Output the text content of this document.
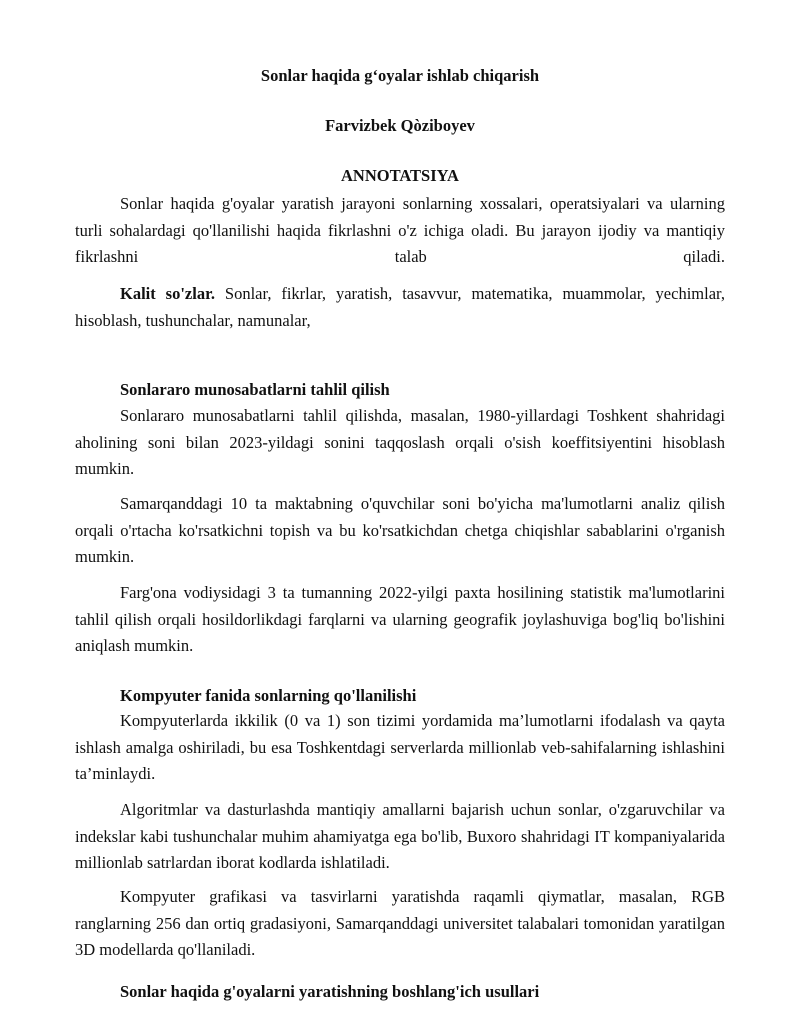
Sonlar haqida g‘oyalar ishlab chiqarish
Farvizbek Qòziboyev
ANNOTATSIYA

Sonlar haqida g'oyalar yaratish jarayoni sonlarning xossalari, operatsiyalari va ularning turli sohalardagi qo'llanilishi haqida fikrlashni o'z ichiga oladi. Bu jarayon ijodiy va mantiqiy fikrlashni talab qiladi.

Kalit so'zlar. Sonlar, fikrlar, yaratish, tasavvur, matematika, muammolar, yechimlar, hisoblash, tushunchalar, namunalar,

Sonlararo munosabatlarni tahlil qilish

Sonlararo munosabatlarni tahlil qilishda, masalan, 1980-yillardagi Toshkent shahridagi aholining soni bilan 2023-yildagi sonini taqqoslash orqali o'sish koeffitsiyentini hisoblash mumkin.

Samarqanddagi 10 ta maktabning o'quvchilar soni bo'yicha ma'lumotlarni analiz qilish orqali o'rtacha ko'rsatkichni topish va bu ko'rsatkichdan chetga chiqishlar sabablarini o'rganish mumkin.

Farg'ona vodiysidagi 3 ta tumanning 2022-yilgi paxta hosilining statistik ma'lumotlarini tahlil qilish orqali hosildorlikdagi farqlarni va ularning geografik joylashuviga bog'liq bo'lishini aniqlash mumkin.

Kompyuter fanida sonlarning qo'llanilishi

Kompyuterlarda ikkilik (0 va 1) son tizimi yordamida ma’lumotlarni ifodalash va qayta ishlash amalga oshiriladi, bu esa Toshkentdagi serverlarda millionlab veb-sahifalarning ishlashini ta’minlaydi.

Algoritmlar va dasturlashda mantiqiy amallarni bajarish uchun sonlar, o'zgaruvchilar va indekslar kabi tushunchalar muhim ahamiyatga ega bo'lib, Buxoro shahridagi IT kompaniyalarida millionlab satrlardan iborat kodlarda ishlatiladi.

Kompyuter grafikasi va tasvirlarni yaratishda raqamli qiymatlar, masalan, RGB ranglarning 256 dan ortiq gradasiyoni, Samarqanddagi universitet talabalari tomonidan yaratilgan 3D modellarda qo'llaniladi.

Sonlar haqida g'oyalarni yaratishning boshlang'ich usullari
